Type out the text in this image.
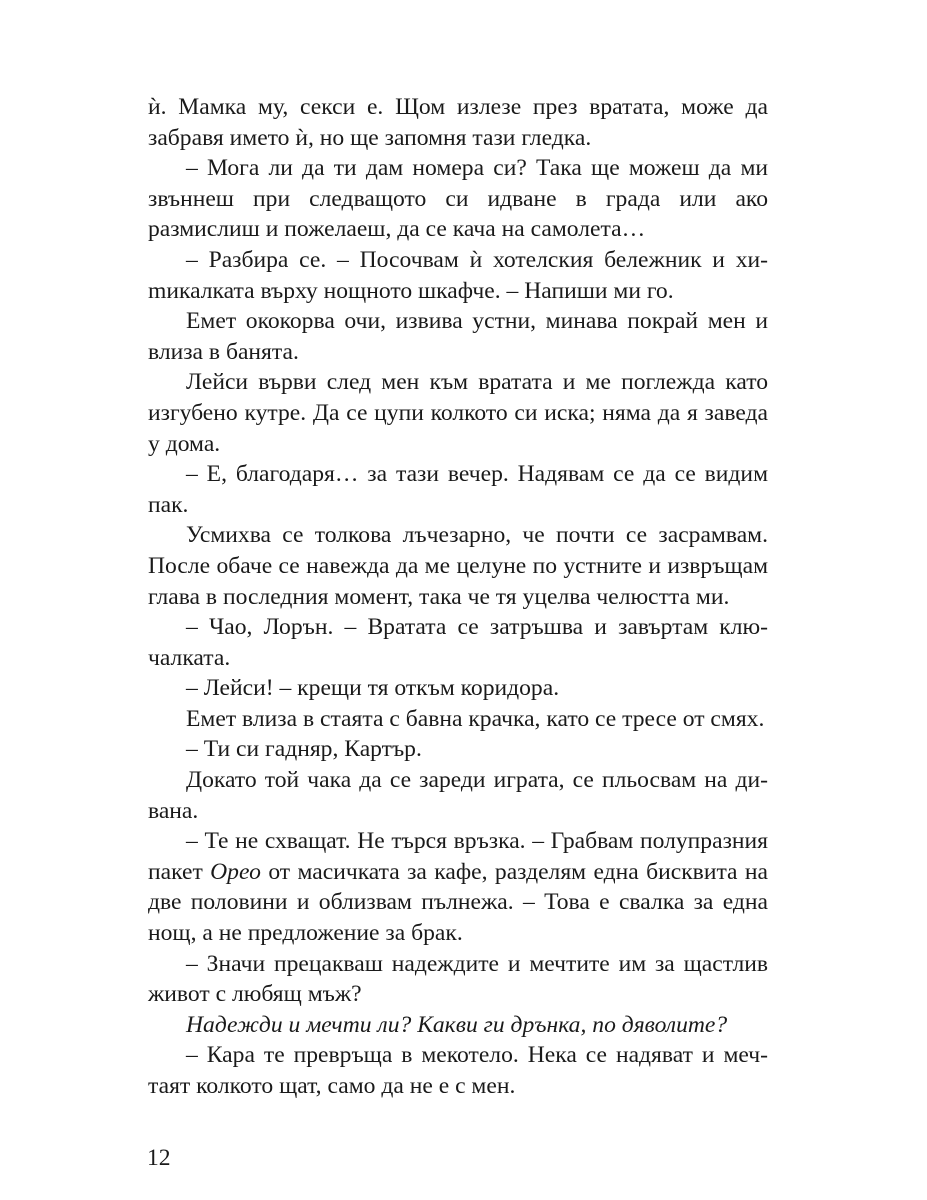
ѝ. Мамка му, секси е. Щом излезе през вратата, може да забравя името ѝ, но ще запомня тази гледка.

– Мога ли да ти дам номера си? Така ще можеш да ми звъннеш при следващото си идване в града или ако размислиш и пожелаеш, да се кача на самолета…

– Разбира се. – Посочвам ѝ хотелския бележник и хиmикалката върху нощното шкафче. – Напиши ми го.

Емет ококорва очи, извива устни, минава покрай мен и влиза в банята.

Лейси върви след мен към вратата и ме поглежда като изгубено кутре. Да се цупи колкото си иска; няма да я заведа у дома.

– Е, благодаря… за тази вечер. Надявам се да се видим пак.

Усмихва се толкова лъчезарно, че почти се засрамвам. После обаче се навежда да ме целуне по устните и извръщам глава в последния момент, така че тя уцелва челюстта ми.

– Чао, Лорън. – Вратата се затръшва и завъртам ключалката.

– Лейси! – крещи тя откъм коридора.

Емет влиза в стаята с бавна крачка, като се тресе от смях.

– Ти си гадняр, Картър.

Докато той чака да се зареди играта, се пльосвам на дивана.

– Те не схващат. Не търся връзка. – Грабвам полупразния пакет Орео от масичката за кафе, разделям една бисквита на две половини и облизвам пълнежа. – Това е свалка за една нощ, а не предложение за брак.

– Значи прецакваш надеждите и мечтите им за щастлив живот с любящ мъж?

Надежди и мечти ли? Какви ги дрънка, по дяволите?

– Кара те превръща в мекотело. Нека се надяват и мечтаят колкото щат, само да не е с мен.

12
